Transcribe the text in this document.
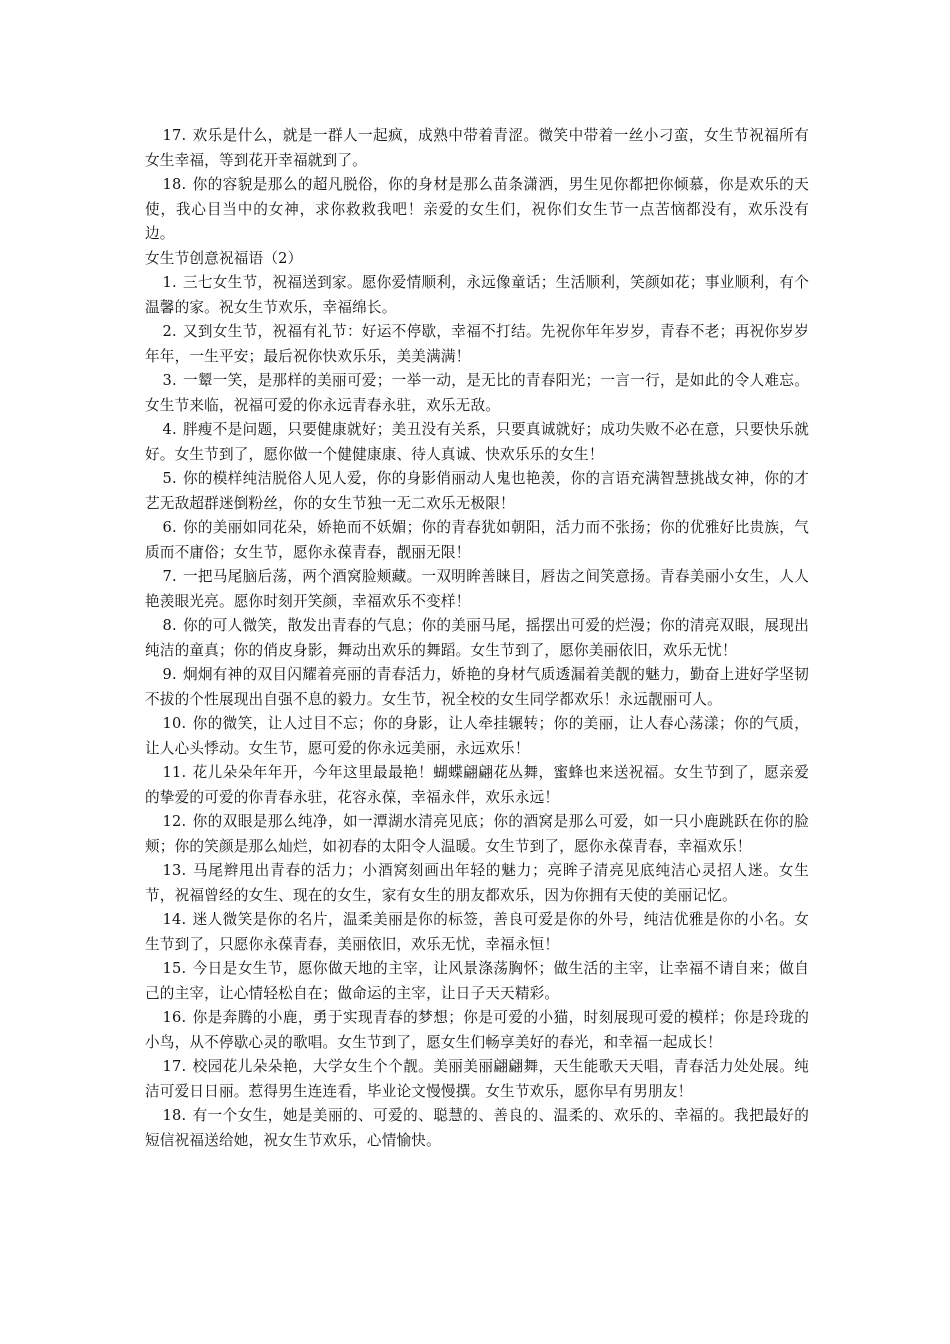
17. 欢乐是什么，就是一群人一起疯，成熟中带着青涩。微笑中带着一丝小刁蛮，女生节祝福所有女生幸福，等到花开幸福就到了。

18. 你的容貌是那么的超凡脱俗，你的身材是那么苗条潇洒，男生见你都把你倾慕，你是欢乐的天使，我心目当中的女神，求你救救我吧！亲爱的女生们，祝你们女生节一点苦恼都没有，欢乐没有边。

女生节创意祝福语（2）

1. 三七女生节，祝福送到家。愿你爱情顺利，永远像童话；生活顺利，笑颜如花；事业顺利，有个温馨的家。祝女生节欢乐，幸福绵长。

2. 又到女生节，祝福有礼节：好运不停歇，幸福不打结。先祝你年年岁岁，青春不老；再祝你岁岁年年，一生平安；最后祝你快欢乐乐，美美满满！

3. 一颦一笑，是那样的美丽可爱；一举一动，是无比的青春阳光；一言一行，是如此的令人难忘。女生节来临，祝福可爱的你永远青春永驻，欢乐无敌。

4. 胖瘦不是问题，只要健康就好；美丑没有关系，只要真诚就好；成功失败不必在意，只要快乐就好。女生节到了，愿你做一个健健康康、待人真诚、快欢乐乐的女生！

5. 你的模样纯洁脱俗人见人爱，你的身影俏丽动人鬼也艳羡，你的言语充满智慧挑战女神，你的才艺无敌超群迷倒粉丝，你的女生节独一无二欢乐无极限！

6. 你的美丽如同花朵，娇艳而不妖媚；你的青春犹如朝阳，活力而不张扬；你的优雅好比贵族，气质而不庸俗；女生节，愿你永葆青春，靓丽无限！

7. 一把马尾脑后荡，两个酒窝脸颊藏。一双明眸善睐目，唇齿之间笑意扬。青春美丽小女生，人人艳羡眼光亮。愿你时刻开笑颜，幸福欢乐不变样！

8. 你的可人微笑，散发出青春的气息；你的美丽马尾，摇摆出可爱的烂漫；你的清亮双眼，展现出纯洁的童真；你的俏皮身影，舞动出欢乐的舞蹈。女生节到了，愿你美丽依旧，欢乐无忧！

9. 炯炯有神的双目闪耀着亮丽的青春活力，娇艳的身材气质透漏着美靓的魅力，勤奋上进好学坚韧不拔的个性展现出自强不息的毅力。女生节，祝全校的女生同学都欢乐！永远靓丽可人。

10. 你的微笑，让人过目不忘；你的身影，让人牵挂辗转；你的美丽，让人春心荡漾；你的气质，让人心头悸动。女生节，愿可爱的你永远美丽，永远欢乐！

11. 花儿朵朵年年开，今年这里最最艳！蝴蝶翩翩花丛舞，蜜蜂也来送祝福。女生节到了，愿亲爱的挚爱的可爱的你青春永驻，花容永葆，幸福永伴，欢乐永远！

12. 你的双眼是那么纯净，如一潭湖水清亮见底；你的酒窝是那么可爱，如一只小鹿跳跃在你的脸颊；你的笑颜是那么灿烂，如初春的太阳令人温暖。女生节到了，愿你永葆青春，幸福欢乐！

13. 马尾辫甩出青春的活力；小酒窝刻画出年轻的魅力；亮眸子清亮见底纯洁心灵招人迷。女生节，祝福曾经的女生、现在的女生，家有女生的朋友都欢乐，因为你拥有天使的美丽记忆。

14. 迷人微笑是你的名片，温柔美丽是你的标签，善良可爱是你的外号，纯洁优雅是你的小名。女生节到了，只愿你永葆青春，美丽依旧，欢乐无忧，幸福永恒！

15. 今日是女生节，愿你做天地的主宰，让风景涤荡胸怀；做生活的主宰，让幸福不请自来；做自己的主宰，让心情轻松自在；做命运的主宰，让日子天天精彩。

16. 你是奔腾的小鹿，勇于实现青春的梦想；你是可爱的小猫，时刻展现可爱的模样；你是玲珑的小鸟，从不停歇心灵的歌唱。女生节到了，愿女生们畅享美好的春光，和幸福一起成长！

17. 校园花儿朵朵艳，大学女生个个靓。美丽美丽翩翩舞，天生能歌天天唱，青春活力处处展。纯洁可爱日日丽。惹得男生连连看，毕业论文慢慢撰。女生节欢乐，愿你早有男朋友！

18. 有一个女生，她是美丽的、可爱的、聪慧的、善良的、温柔的、欢乐的、幸福的。我把最好的短信祝福送给她，祝女生节欢乐，心情愉快。
